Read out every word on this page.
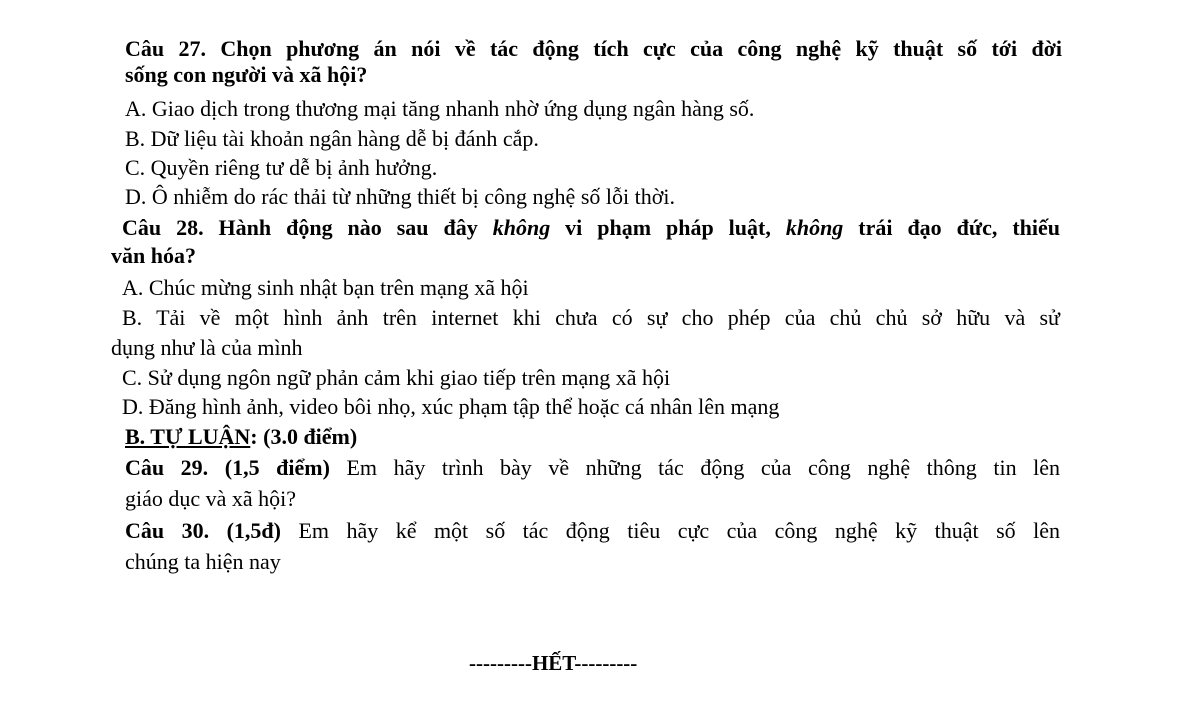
Câu 27. Chọn phương án nói về tác động tích cực của công nghệ kỹ thuật số tới đời
sống con người và xã hội?
A. Giao dịch trong thương mại tăng nhanh nhờ ứng dụng ngân hàng số.
B. Dữ liệu tài khoản ngân hàng dễ bị đánh cắp.
C. Quyền riêng tư dễ bị ảnh hưởng.
D. Ô nhiễm do rác thải từ những thiết bị công nghệ số lỗi thời.
Câu 28. Hành động nào sau đây không vi phạm pháp luật, không trái đạo đức, thiếu
văn hóa?
A. Chúc mừng sinh nhật bạn trên mạng xã hội
B. Tải về một hình ảnh trên internet khi chưa có sự cho phép của chủ chủ sở hữu và sử
dụng như là của mình
C. Sử dụng ngôn ngữ phản cảm khi giao tiếp trên mạng xã hội
D. Đăng hình ảnh, video bôi nhọ, xúc phạm tập thể hoặc cá nhân lên mạng
B. TỰ LUẬN: (3.0 điểm)
Câu 29. (1,5 điểm) Em hãy trình bày về những tác động của công nghệ thông tin lên
giáo dục và xã hội?
Câu 30. (1,5đ) Em hãy kể một số tác động tiêu cực của công nghệ kỹ thuật số lên
chúng ta hiện nay
---------HẾT---------
